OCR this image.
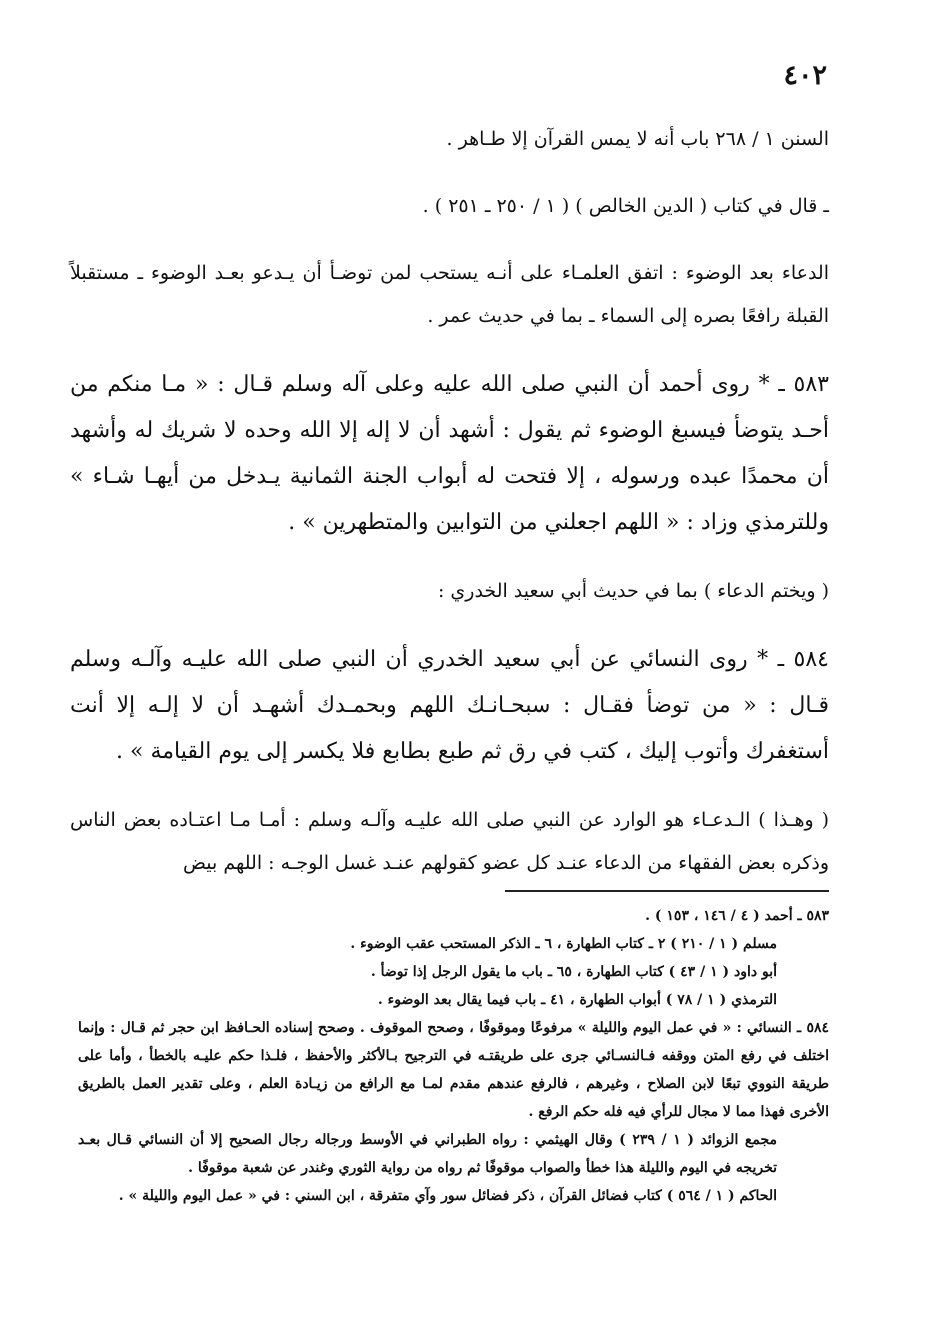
٤٠٢

السنن ١ / ٢٦٨ باب أنه لا يمس القرآن إلا طـاهر .

ـ قال في كتاب ( الدين الخالص ) ( ١ / ٢٥٠ ـ ٢٥١ ) .

الدعاء بعد الوضوء : اتفق العلمـاء على أنـه يستحب لمن توضـأ أن يـدعو بعـد الوضوء ـ مستقبلاً القبلة رافعًا بصره إلى السماء ـ بما في حديث عمر .

٥٨٣ ـ * روى أحمد أن النبي صلى الله عليه وعلى آله وسلم قـال : « مـا منكم من أحـد يتوضأ فيسبغ الوضوء ثم يقول : أشهد أن لا إله إلا الله وحده لا شريك له وأشهد أن محمدًا عبده ورسوله ، إلا فتحت له أبواب الجنة الثمانية يـدخل من أيهـا شـاء » وللترمذي وزاد : « اللهم اجعلني من التوابين والمتطهرين » .

( ويختم الدعاء ) بما في حديث أبي سعيد الخدري :

٥٨٤ ـ * روى النسائي عن أبي سعيد الخدري أن النبي صلى الله عليـه وآلـه وسلم قـال : « من توضأ فقـال : سبحـانـك اللهم وبحمـدك أشهـد أن لا إلـه إلا أنت أستغفرك وأتوب إليك ، كتب في رق ثم طبع بطابع فلا يكسر إلى يوم القيامة » .

( وهـذا ) الـدعـاء هو الوارد عن النبي صلى الله عليـه وآلـه وسلم : أمـا مـا اعتـاده بعض الناس وذكره بعض الفقهاء من الدعاء عنـد كل عضو كقولهم عنـد غسل الوجـه : اللهم بيض

٥٨٣ ـ أحمد ( ٤ / ١٤٦ ، ١٥٣ ) .

مسلم ( ١ / ٢١٠ ) ٢ ـ كتاب الطهارة ، ٦ ـ الذكر المستحب عقب الوضوء .

أبو داود ( ١ / ٤٣ ) كتاب الطهارة ، ٦٥ ـ باب ما يقول الرجل إذا توضأ .

الترمذي ( ١ / ٧٨ ) أبواب الطهارة ، ٤١ ـ باب فيما يقال بعد الوضوء .

٥٨٤ ـ النسائي : « في عمل اليوم والليلة » مرفوعًا وموقوفًا ، وصحح الموقوف . وصحح إسناده الحـافظ ابن حجر ثم قـال : وإنما اختلف في رفع المتن ووقفه فـالنسـائي جرى على طريقتـه في الترجيح بـالأكثر والأحفظ ، فلـذا حكم عليـه بالخطأ ، وأما على طريقة النووي تبعًا لابن الصلاح ، وغيرهم ، فالرفع عندهم مقدم لمـا مع الرافع من زيـادة العلم ، وعلى تقدير العمل بالطريق الأخرى فهذا مما لا مجال للرأي فيه فله حكم الرفع .

مجمع الزوائد ( ١ / ٢٣٩ ) وقال الهيثمي : رواه الطبراني في الأوسط ورجاله رجال الصحيح إلا أن النسائي قـال بعـد تخريجه في اليوم والليلة هذا خطأ والصواب موقوفًا ثم رواه من رواية الثوري وغندر عن شعبة موقوفًا .

الحاكم ( ١ / ٥٦٤ ) كتاب فضائل القرآن ، ذكر فضائل سور وآي متفرقة ، ابن السني : في « عمل اليوم والليلة » .
